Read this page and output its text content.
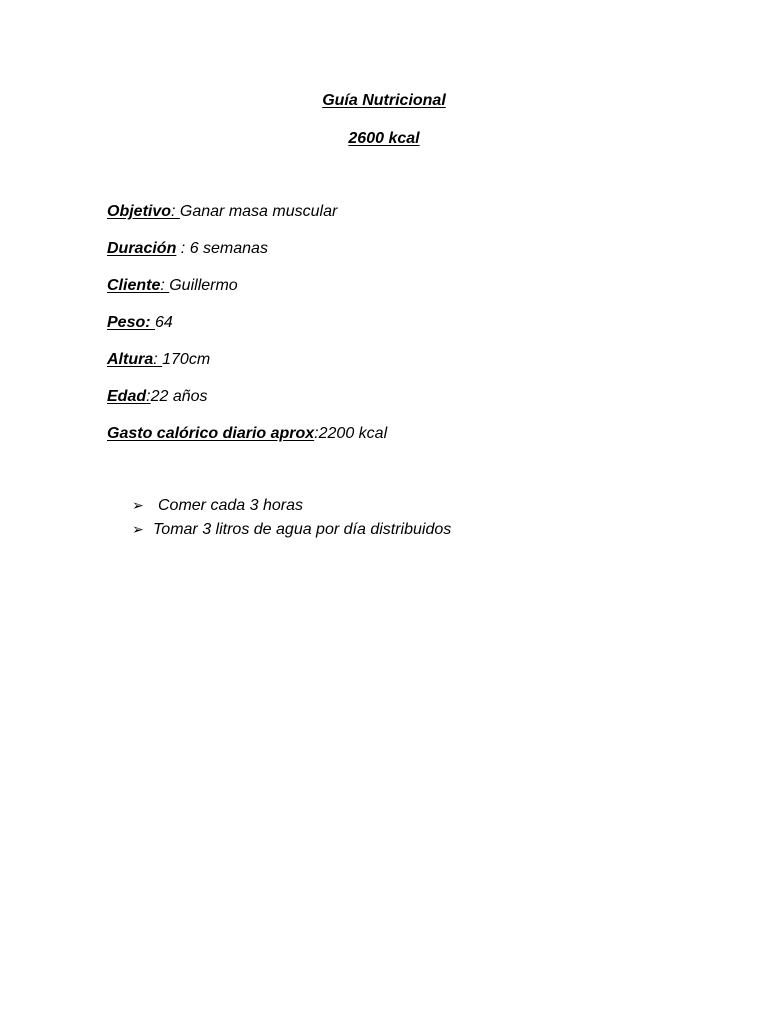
Guía Nutricional
2600 kcal
Objetivo: Ganar masa muscular
Duración : 6 semanas
Cliente: Guillermo
Peso: 64
Altura: 170cm
Edad:22 años
Gasto calórico diario aprox:2200 kcal
➢ Comer cada 3 horas
➢ Tomar 3 litros de agua por día distribuidos
